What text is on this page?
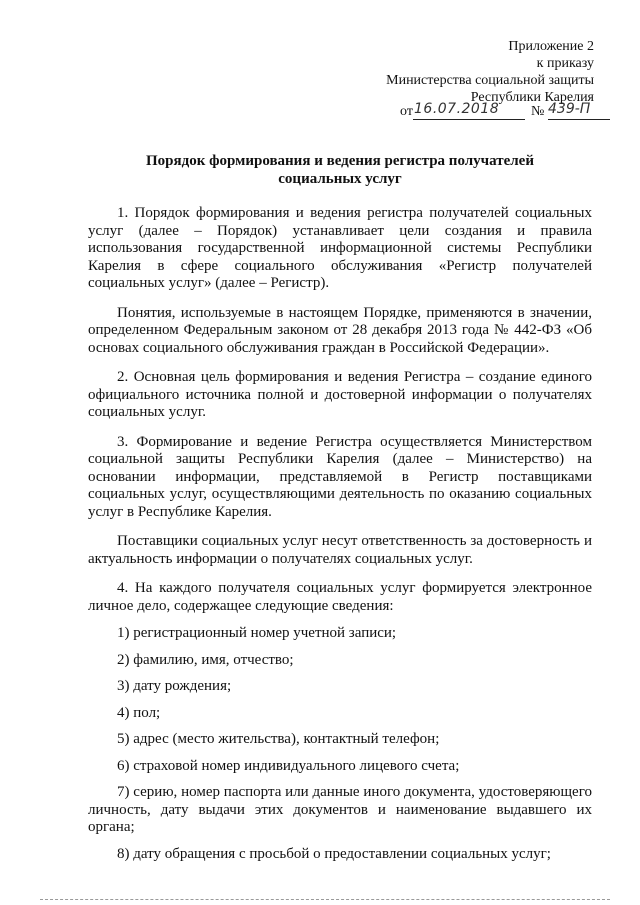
Приложение 2
к приказу
Министерства социальной защиты
Республики Карелия
от 16.07.2018 № 439-П
Порядок формирования и ведения регистра получателей
социальных услуг

1. Порядок формирования и ведения регистра получателей социальных услуг (далее – Порядок) устанавливает цели создания и правила использования государственной информационной системы Республики Карелия в сфере социального обслуживания «Регистр получателей социальных услуг» (далее – Регистр).

Понятия, используемые в настоящем Порядке, применяются в значении, определенном Федеральным законом от 28 декабря 2013 года № 442-ФЗ «Об основах социального обслуживания граждан в Российской Федерации».

2. Основная цель формирования и ведения Регистра – создание единого официального источника полной и достоверной информации о получателях социальных услуг.

3. Формирование и ведение Регистра осуществляется Министерством социальной защиты Республики Карелия (далее – Министерство) на основании информации, представляемой в Регистр поставщиками социальных услуг, осуществляющими деятельность по оказанию социальных услуг в Республике Карелия.

Поставщики социальных услуг несут ответственность за достоверность и актуальность информации о получателях социальных услуг.

4. На каждого получателя социальных услуг формируется электронное личное дело, содержащее следующие сведения:

1) регистрационный номер учетной записи;

2) фамилию, имя, отчество;

3) дату рождения;

4) пол;

5) адрес (место жительства), контактный телефон;

6) страховой номер индивидуального лицевого счета;

7) серию, номер паспорта или данные иного документа, удостоверяющего личность, дату выдачи этих документов и наименование выдавшего их органа;

8) дату обращения с просьбой о предоставлении социальных услуг;
